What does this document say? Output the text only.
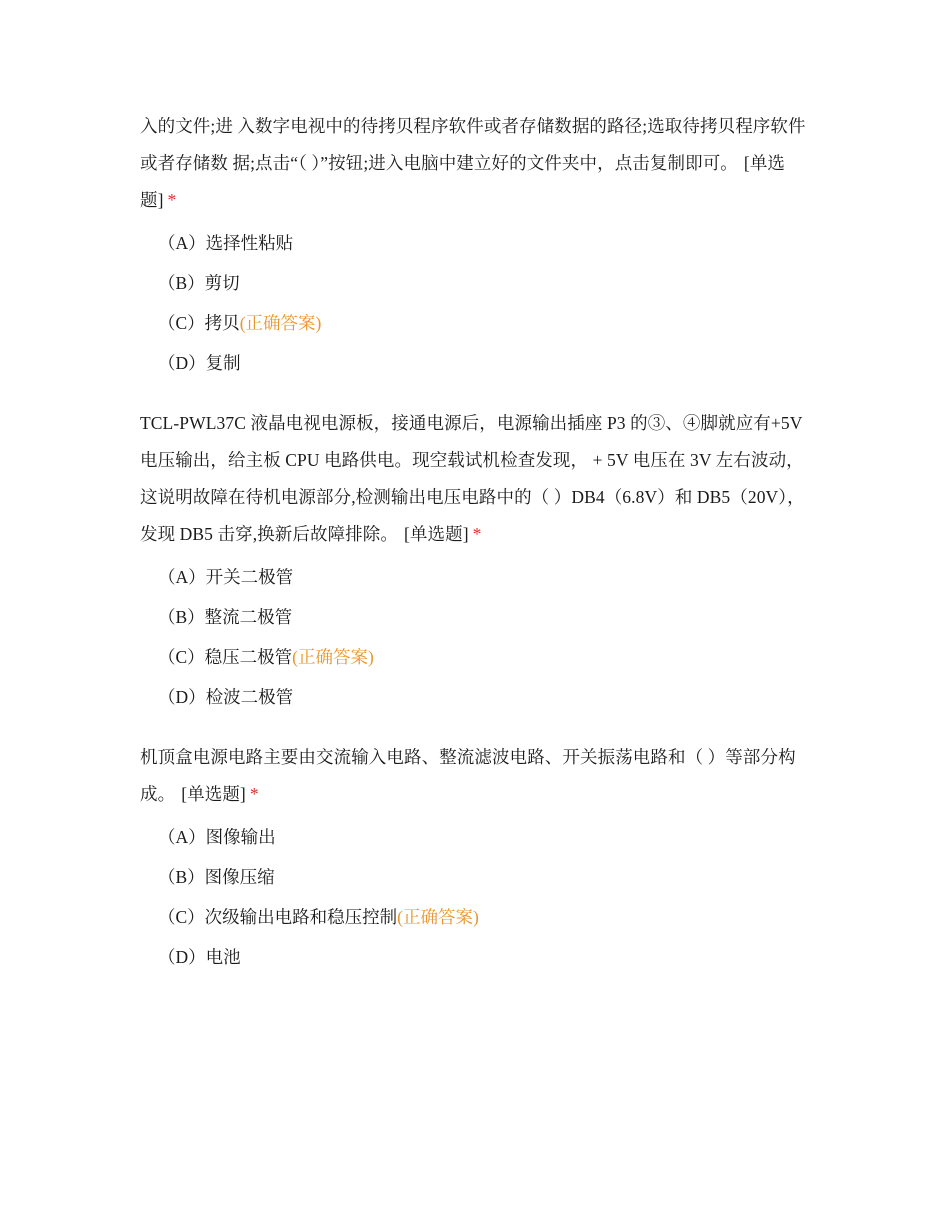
入的文件;进 入数字电视中的待拷贝程序软件或者存储数据的路径;选取待拷贝程序软件或者存储数 据;点击“（ ）”按钮;进入电脑中建立好的文件夹中，点击复制即可。 [单选题] *

（A）选择性粘贴
（B）剪切
（C）拷贝(正确答案)
（D）复制

TCL-PWL37C 液晶电视电源板，接通电源后，电源输出插座 P3 的③、④脚就应有+5V 电压输出，给主板 CPU 电路供电。现空载试机检查发现， + 5V 电压在 3V 左右波动，这说明故障在待机电源部分,检测输出电压电路中的（ ）DB4（6.8V）和 DB5（20V），发现 DB5 击穿,换新后故障排除。 [单选题] *

（A）开关二极管
（B）整流二极管
（C）稳压二极管(正确答案)
（D）检波二极管

机顶盒电源电路主要由交流输入电路、整流滤波电路、开关振荡电路和（ ）等部分构成。 [单选题] *

（A）图像输出
（B）图像压缩
（C）次级输出电路和稳压控制(正确答案)
（D）电池
